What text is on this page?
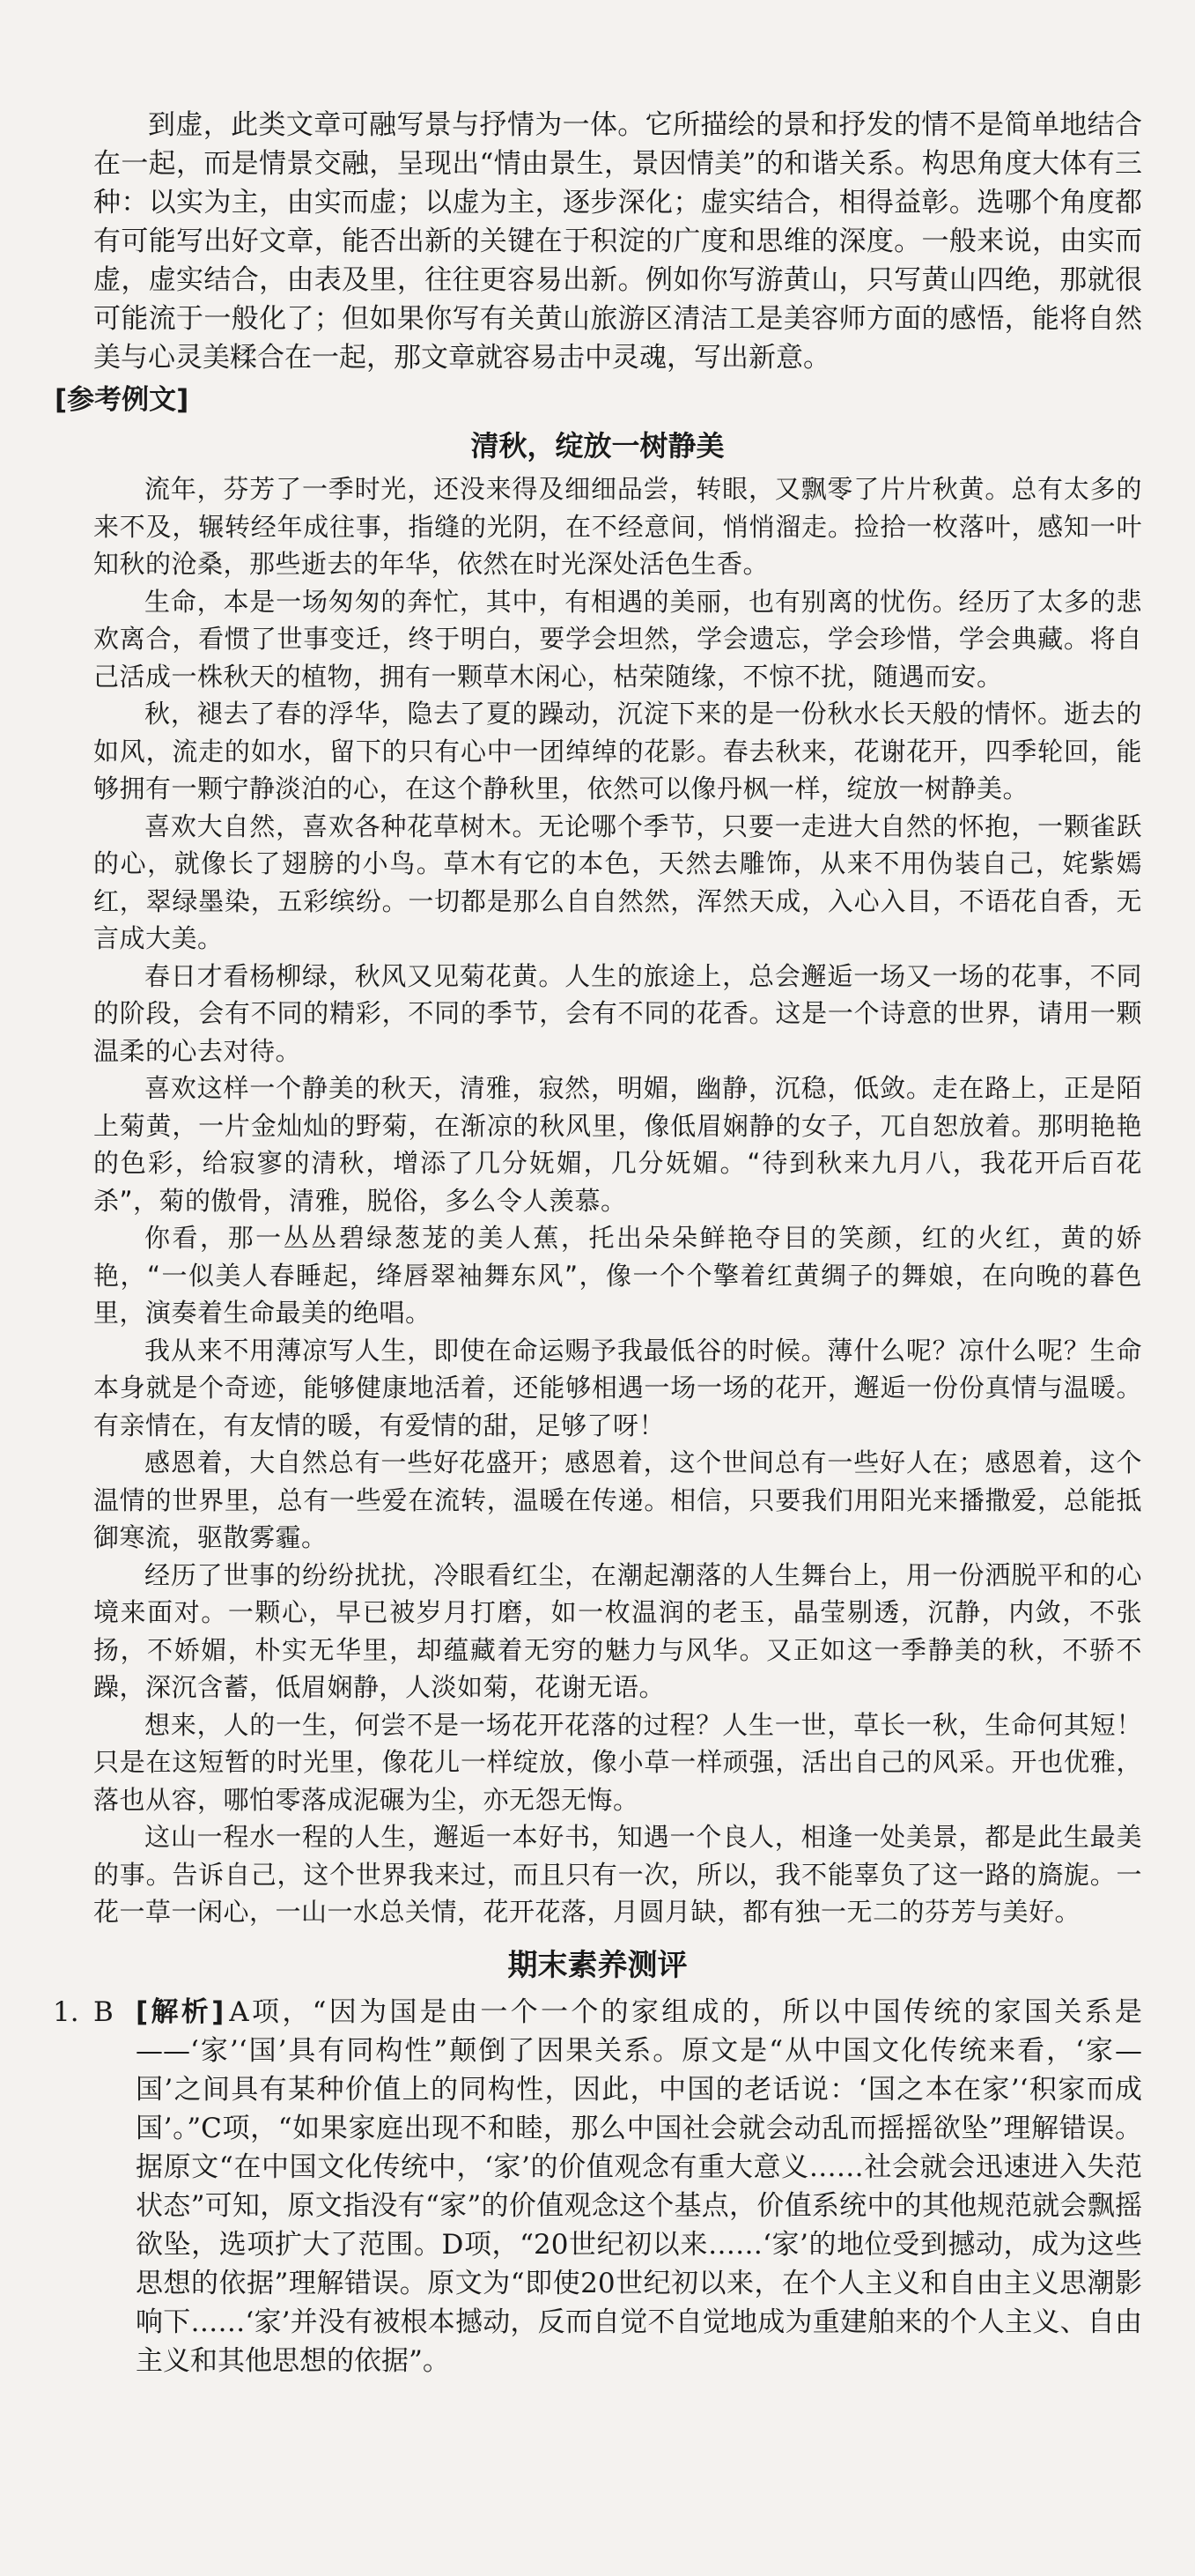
到虚，此类文章可融写景与抒情为一体。它所描绘的景和抒发的情不是简单地结合在一起，而是情景交融，呈现出“情由景生，景因情美”的和谐关系。构思角度大体有三种：以实为主，由实而虚；以虚为主，逐步深化；虚实结合，相得益彰。选哪个角度都有可能写出好文章，能否出新的关键在于积淀的广度和思维的深度。一般来说，由实而虚，虚实结合，由表及里，往往更容易出新。例如你写游黄山，只写黄山四绝，那就很可能流于一般化了；但如果你写有关黄山旅游区清洁工是美容师方面的感悟，能将自然美与心灵美糅合在一起，那文章就容易击中灵魂，写出新意。

[参考例文]
清秋，绽放一树静美

流年，芬芳了一季时光，还没来得及细细品尝，转眼，又飘零了片片秋黄。总有太多的来不及，辗转经年成往事，指缝的光阴，在不经意间，悄悄溜走。捡拾一枚落叶，感知一叶知秋的沧桑，那些逝去的年华，依然在时光深处活色生香。

生命，本是一场匆匆的奔忙，其中，有相遇的美丽，也有别离的忧伤。经历了太多的悲欢离合，看惯了世事变迁，终于明白，要学会坦然，学会遗忘，学会珍惜，学会典藏。将自己活成一株秋天的植物，拥有一颗草木闲心，枯荣随缘，不惊不扰，随遇而安。

秋，褪去了春的浮华，隐去了夏的躁动，沉淀下来的是一份秋水长天般的情怀。逝去的如风，流走的如水，留下的只有心中一团绰绰的花影。春去秋来，花谢花开，四季轮回，能够拥有一颗宁静淡泊的心，在这个静秋里，依然可以像丹枫一样，绽放一树静美。

喜欢大自然，喜欢各种花草树木。无论哪个季节，只要一走进大自然的怀抱，一颗雀跃的心，就像长了翅膀的小鸟。草木有它的本色，天然去雕饰，从来不用伪装自己，姹紫嫣红，翠绿墨染，五彩缤纷。一切都是那么自自然然，浑然天成，入心入目，不语花自香，无言成大美。

春日才看杨柳绿，秋风又见菊花黄。人生的旅途上，总会邂逅一场又一场的花事，不同的阶段，会有不同的精彩，不同的季节，会有不同的花香。这是一个诗意的世界，请用一颗温柔的心去对待。

喜欢这样一个静美的秋天，清雅，寂然，明媚，幽静，沉稳，低敛。走在路上，正是陌上菊黄，一片金灿灿的野菊，在渐凉的秋风里，像低眉娴静的女子，兀自恕放着。那明艳艳的色彩，给寂寥的清秋，增添了几分妩媚，几分妩媚。“待到秋来九月八，我花开后百花杀”，菊的傲骨，清雅，脱俗，多么令人羡慕。

你看，那一丛丛碧绿葱茏的美人蕉，托出朵朵鲜艳夺目的笑颜，红的火红，黄的娇艳，“一似美人春睡起，绛唇翠袖舞东风”，像一个个擎着红黄绸子的舞娘，在向晚的暮色里，演奏着生命最美的绝唱。

我从来不用薄凉写人生，即使在命运赐予我最低谷的时候。薄什么呢？凉什么呢？生命本身就是个奇迹，能够健康地活着，还能够相遇一场一场的花开，邂逅一份份真情与温暖。有亲情在，有友情的暖，有爱情的甜，足够了呀！

感恩着，大自然总有一些好花盛开；感恩着，这个世间总有一些好人在；感恩着，这个温情的世界里，总有一些爱在流转，温暖在传递。相信，只要我们用阳光来播撒爱，总能抵御寒流，驱散雾霾。

经历了世事的纷纷扰扰，冷眼看红尘，在潮起潮落的人生舞台上，用一份洒脱平和的心境来面对。一颗心，早已被岁月打磨，如一枚温润的老玉，晶莹剔透，沉静，内敛，不张扬，不娇媚，朴实无华里，却蕴藏着无穷的魅力与风华。又正如这一季静美的秋，不骄不躁，深沉含蓄，低眉娴静，人淡如菊，花谢无语。

想来，人的一生，何尝不是一场花开花落的过程？人生一世，草长一秋，生命何其短！只是在这短暂的时光里，像花儿一样绽放，像小草一样顽强，活出自己的风采。开也优雅，落也从容，哪怕零落成泥碾为尘，亦无怨无悔。

这山一程水一程的人生，邂逅一本好书，知遇一个良人，相逢一处美景，都是此生最美的事。告诉自己，这个世界我来过，而且只有一次，所以，我不能辜负了这一路的旖旎。一花一草一闲心，一山一水总关情，花开花落，月圆月缺，都有独一无二的芬芳与美好。

期末素养测评
1. B [解析] A项，“因为国是由一个一个的家组成的，所以中国传统的家国关系是——‘家’‘国’具有同构性”颠倒了因果关系。原文是“从中国文化传统来看，‘家—国’之间具有某种价值上的同构性，因此，中国的老话说：‘国之本在家’‘积家而成国’。”C项，“如果家庭出现不和睦，那么中国社会就会动乱而摇摇欲坠”理解错误。据原文“在中国文化传统中，‘家’的价值观念有重大意义……社会就会迅速进入失范状态”可知，原文指没有“家”的价值观念这个基点，价值系统中的其他规范就会飘摇欲坠，选项扩大了范围。D项，“20世纪初以来……‘家’的地位受到撼动，成为这些思想的依据”理解错误。原文为“即使20世纪初以来，在个人主义和自由主义思潮影响下……‘家’并没有被根本撼动，反而自觉不自觉地成为重建舶来的个人主义、自由主义和其他思想的依据”。
